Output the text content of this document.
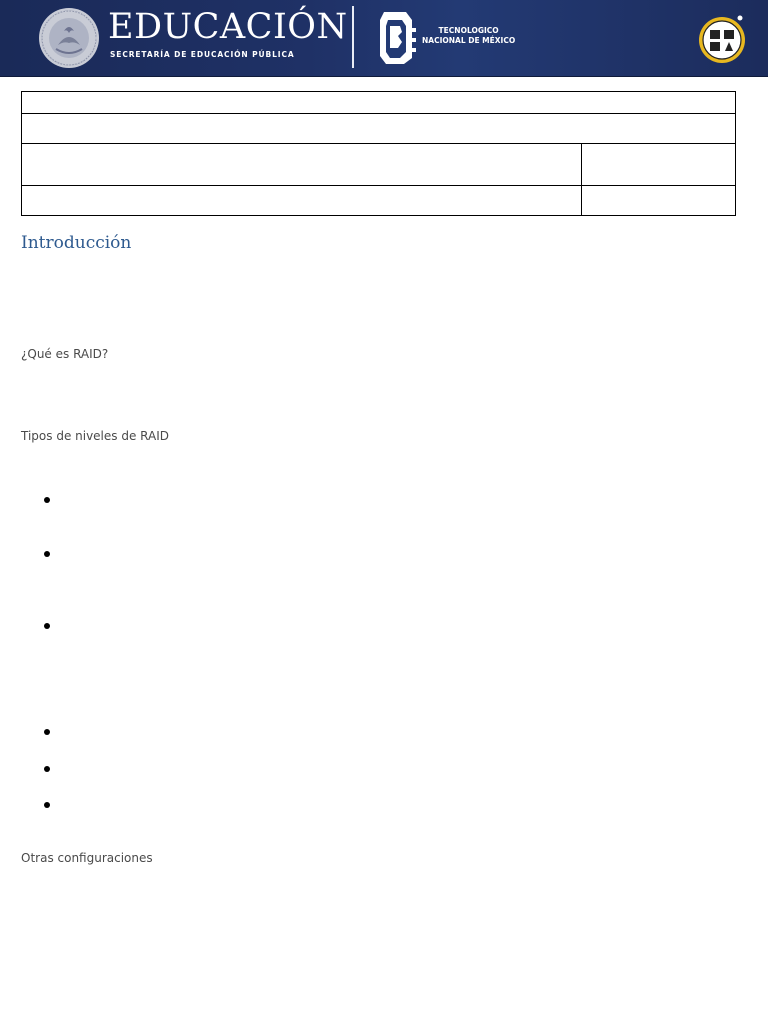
EDUCACIÓN
SECRETARÍA DE EDUCACIÓN PÚBLICA
TECNOLOGICO
NACIONAL DE MÉXICO

Introducción

¿Qué es RAID?

Tipos de niveles de RAID

Otras configuraciones
